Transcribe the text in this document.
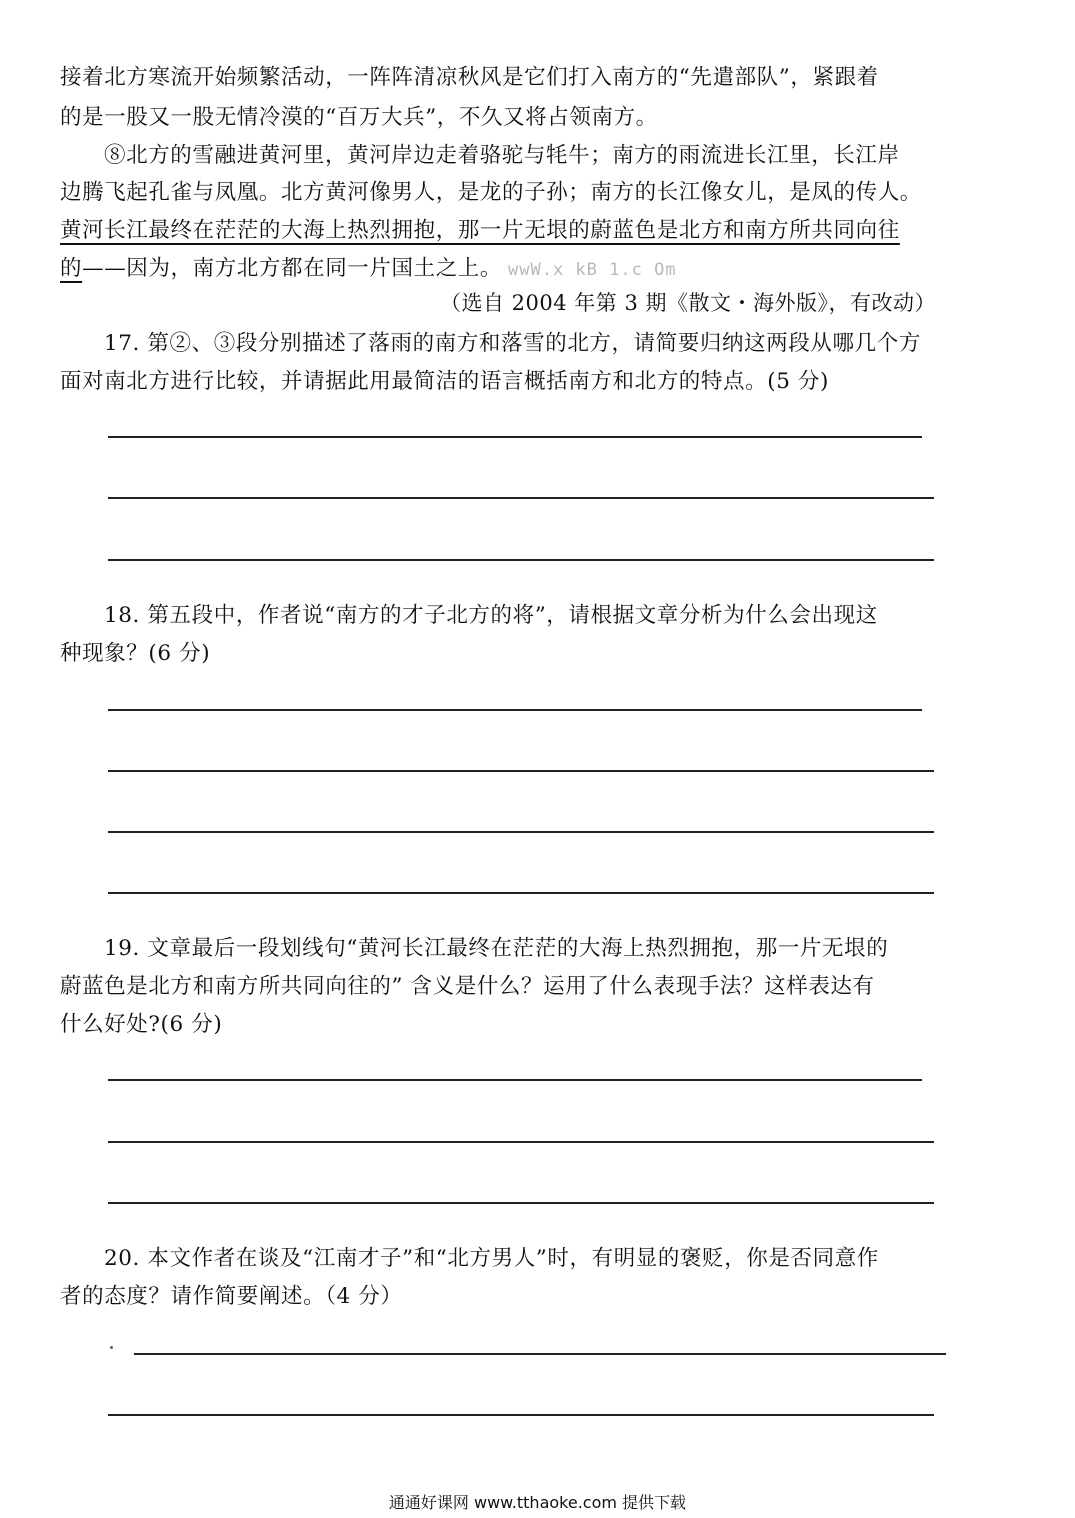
接着北方寒流开始频繁活动，一阵阵清凉秋风是它们打入南方的“先遣部队”，紧跟着
的是一股又一股无情冷漠的“百万大兵”，不久又将占领南方。
⑧北方的雪融进黄河里，黄河岸边走着骆驼与牦牛；南方的雨流进长江里，长江岸
边腾飞起孔雀与凤凰。北方黄河像男人，是龙的子孙；南方的长江像女儿，是凤的传人。
黄河长江最终在茫茫的大海上热烈拥抱，那一片无垠的蔚蓝色是北方和南方所共同向往
的——因为，南方北方都在同一片国土之上。 wwW.x kB 1.c Om
（选自 2004 年第 3 期《散文・海外版》，有改动）
17. 第②、③段分别描述了落雨的南方和落雪的北方，请简要归纳这两段从哪几个方
面对南北方进行比较，并请据此用最简洁的语言概括南方和北方的特点。(5 分)
18. 第五段中，作者说“南方的才子北方的将”，请根据文章分析为什么会出现这
种现象？(6 分)
19. 文章最后一段划线句“黄河长江最终在茫茫的大海上热烈拥抱，那一片无垠的
蔚蓝色是北方和南方所共同向往的” 含义是什么？运用了什么表现手法？这样表达有
什么好处?(6 分)
20. 本文作者在谈及“江南才子”和“北方男人”时，有明显的褒贬，你是否同意作
者的态度？请作简要阐述。（4 分）
通通好课网 www.tthaoke.com 提供下载
